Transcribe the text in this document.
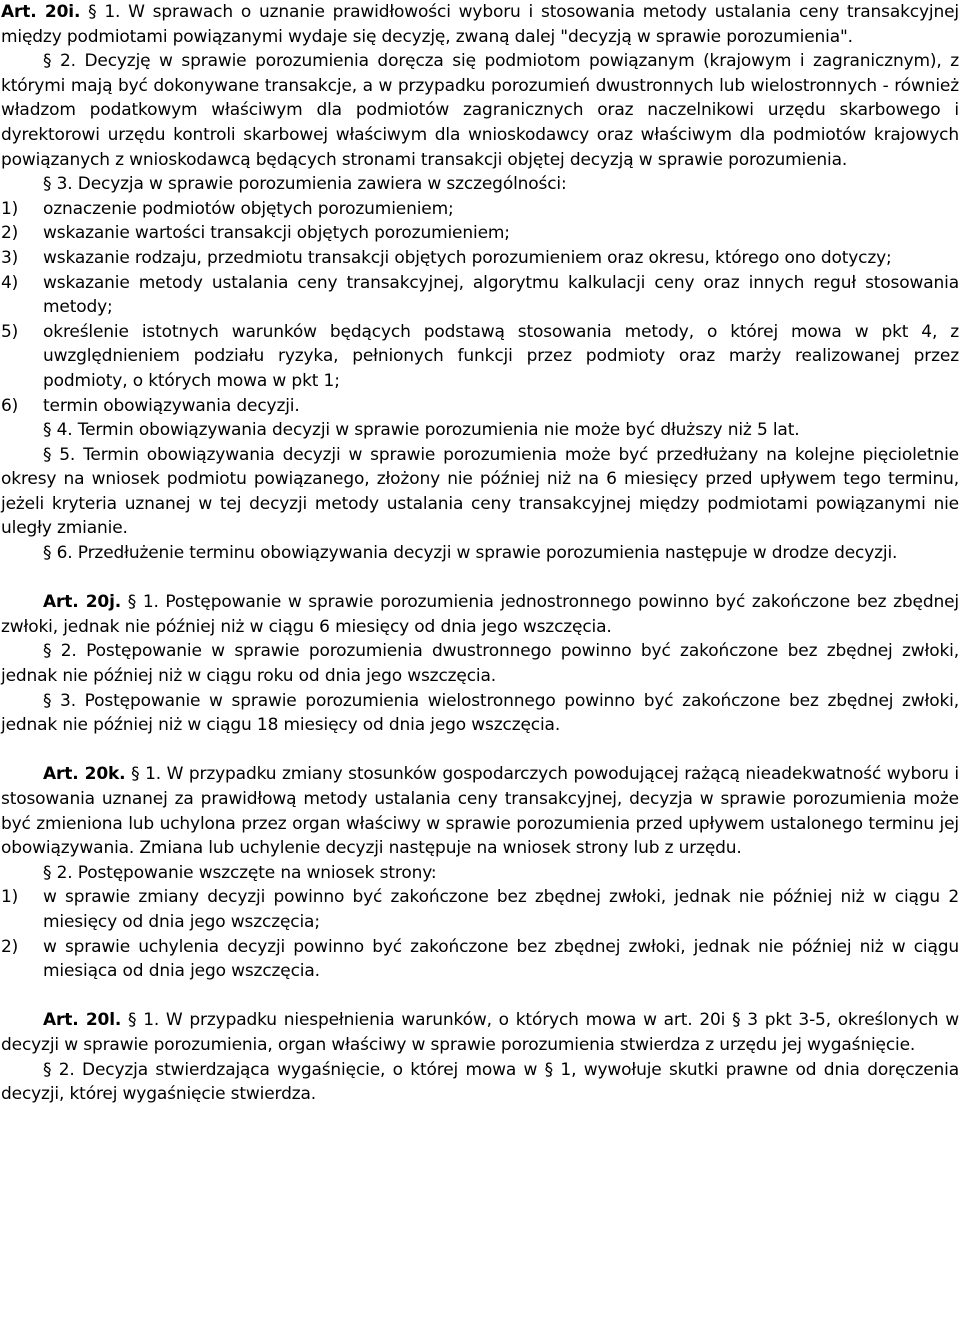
Art. 20i. § 1. W sprawach o uznanie prawidłowości wyboru i stosowania metody ustalania ceny transakcyjnej między podmiotami powiązanymi wydaje się decyzję, zwaną dalej "decyzją w sprawie porozumienia".

§ 2. Decyzję w sprawie porozumienia doręcza się podmiotom powiązanym (krajowym i zagranicznym), z którymi mają być dokonywane transakcje, a w przypadku porozumień dwustronnych lub wielostronnych - również władzom podatkowym właściwym dla podmiotów zagranicznych oraz naczelnikowi urzędu skarbowego i dyrektorowi urzędu kontroli skarbowej właściwym dla wnioskodawcy oraz właściwym dla podmiotów krajowych powiązanych z wnioskodawcą będących stronami transakcji objętej decyzją w sprawie porozumienia.

§ 3. Decyzja w sprawie porozumienia zawiera w szczególności:

1)	oznaczenie podmiotów objętych porozumieniem;
2)	wskazanie wartości transakcji objętych porozumieniem;
3)	wskazanie rodzaju, przedmiotu transakcji objętych porozumieniem oraz okresu, którego ono dotyczy;
4)	wskazanie metody ustalania ceny transakcyjnej, algorytmu kalkulacji ceny oraz innych reguł stosowania metody;
5)	określenie istotnych warunków będących podstawą stosowania metody, o której mowa w pkt 4, z uwzględnieniem podziału ryzyka, pełnionych funkcji przez podmioty oraz marży realizowanej przez podmioty, o których mowa w pkt 1;
6)	termin obowiązywania decyzji.

§ 4. Termin obowiązywania decyzji w sprawie porozumienia nie może być dłuższy niż 5 lat.

§ 5. Termin obowiązywania decyzji w sprawie porozumienia może być przedłużany na kolejne pięcioletnie okresy na wniosek podmiotu powiązanego, złożony nie później niż na 6 miesięcy przed upływem tego terminu, jeżeli kryteria uznanej w tej decyzji metody ustalania ceny transakcyjnej między podmiotami powiązanymi nie uległy zmianie.

§ 6. Przedłużenie terminu obowiązywania decyzji w sprawie porozumienia następuje w drodze decyzji.

Art. 20j. § 1. Postępowanie w sprawie porozumienia jednostronnego powinno być zakończone bez zbędnej zwłoki, jednak nie później niż w ciągu 6 miesięcy od dnia jego wszczęcia.

§ 2. Postępowanie w sprawie porozumienia dwustronnego powinno być zakończone bez zbędnej zwłoki, jednak nie później niż w ciągu roku od dnia jego wszczęcia.

§ 3. Postępowanie w sprawie porozumienia wielostronnego powinno być zakończone bez zbędnej zwłoki, jednak nie później niż w ciągu 18 miesięcy od dnia jego wszczęcia.

Art. 20k. § 1. W przypadku zmiany stosunków gospodarczych powodującej rażącą nieadekwatność wyboru i stosowania uznanej za prawidłową metody ustalania ceny transakcyjnej, decyzja w sprawie porozumienia może być zmieniona lub uchylona przez organ właściwy w sprawie porozumienia przed upływem ustalonego terminu jej obowiązywania. Zmiana lub uchylenie decyzji następuje na wniosek strony lub z urzędu.

§ 2. Postępowanie wszczęte na wniosek strony:

1)	w sprawie zmiany decyzji powinno być zakończone bez zbędnej zwłoki, jednak nie później niż w ciągu 2 miesięcy od dnia jego wszczęcia;
2)	w sprawie uchylenia decyzji powinno być zakończone bez zbędnej zwłoki, jednak nie później niż w ciągu miesiąca od dnia jego wszczęcia.

Art. 20l. § 1. W przypadku niespełnienia warunków, o których mowa w art. 20i § 3 pkt 3-5, określonych w decyzji w sprawie porozumienia, organ właściwy w sprawie porozumienia stwierdza z urzędu jej wygaśnięcie.

§ 2. Decyzja stwierdzająca wygaśnięcie, o której mowa w § 1, wywołuje skutki prawne od dnia doręczenia decyzji, której wygaśnięcie stwierdza.
